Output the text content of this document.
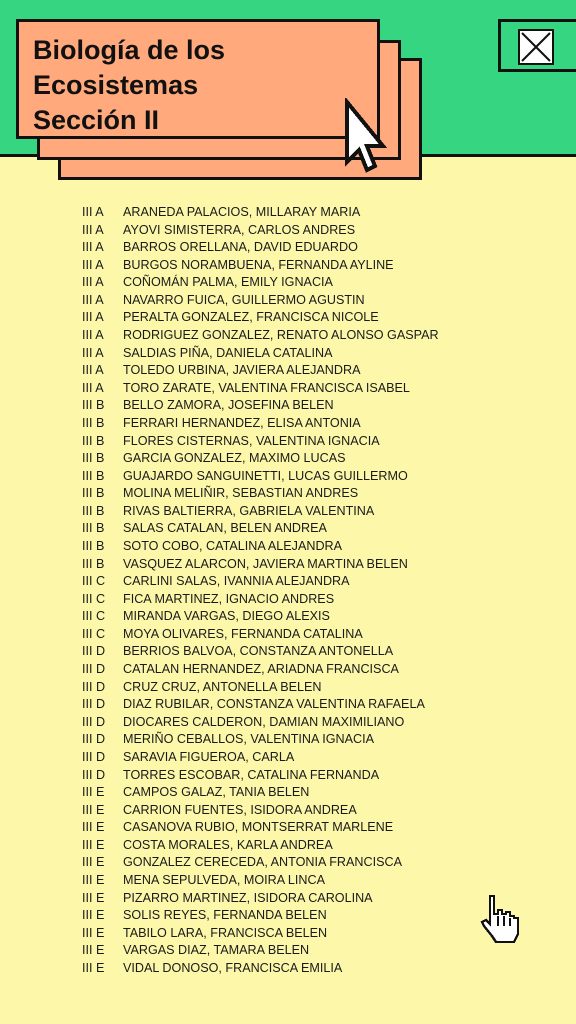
Biología de los
Ecosistemas
Sección II
III A ARANEDA PALACIOS, MILLARAY MARIA
III A AYOVI SIMISTERRA, CARLOS ANDRES
III A BARROS ORELLANA, DAVID EDUARDO
III A BURGOS NORAMBUENA, FERNANDA AYLINE
III A COÑOMÁN PALMA, EMILY IGNACIA
III A NAVARRO FUICA, GUILLERMO AGUSTIN
III A PERALTA GONZALEZ, FRANCISCA NICOLE
III A RODRIGUEZ GONZALEZ, RENATO ALONSO GASPAR
III A SALDIAS PIÑA, DANIELA CATALINA
III A TOLEDO URBINA, JAVIERA ALEJANDRA
III A TORO ZARATE, VALENTINA FRANCISCA ISABEL
III B BELLO ZAMORA, JOSEFINA BELEN
III B FERRARI HERNANDEZ, ELISA ANTONIA
III B FLORES CISTERNAS, VALENTINA IGNACIA
III B GARCIA GONZALEZ, MAXIMO LUCAS
III B GUAJARDO SANGUINETTI, LUCAS GUILLERMO
III B MOLINA MELIÑIR, SEBASTIAN ANDRES
III B RIVAS BALTIERRA, GABRIELA VALENTINA
III B SALAS CATALAN, BELEN ANDREA
III B SOTO COBO, CATALINA ALEJANDRA
III B VASQUEZ ALARCON, JAVIERA MARTINA BELEN
III C CARLINI SALAS, IVANNIA ALEJANDRA
III C FICA MARTINEZ, IGNACIO ANDRES
III C MIRANDA VARGAS, DIEGO ALEXIS
III C MOYA OLIVARES, FERNANDA CATALINA
III D BERRIOS BALVOA, CONSTANZA ANTONELLA
III D CATALAN HERNANDEZ, ARIADNA FRANCISCA
III D CRUZ CRUZ, ANTONELLA BELEN
III D DIAZ RUBILAR, CONSTANZA VALENTINA RAFAELA
III D DIOCARES CALDERON, DAMIAN MAXIMILIANO
III D MERIÑO CEBALLOS, VALENTINA IGNACIA
III D SARAVIA FIGUEROA, CARLA
III D TORRES ESCOBAR, CATALINA FERNANDA
III E CAMPOS GALAZ, TANIA BELEN
III E CARRION FUENTES, ISIDORA ANDREA
III E CASANOVA RUBIO, MONTSERRAT MARLENE
III E COSTA MORALES, KARLA ANDREA
III E GONZALEZ CERECEDA, ANTONIA FRANCISCA
III E MENA SEPULVEDA, MOIRA LINCA
III E PIZARRO MARTINEZ, ISIDORA CAROLINA
III E SOLIS REYES, FERNANDA BELEN
III E TABILO LARA, FRANCISCA BELEN
III E VARGAS DIAZ, TAMARA BELEN
III E VIDAL DONOSO, FRANCISCA EMILIA
